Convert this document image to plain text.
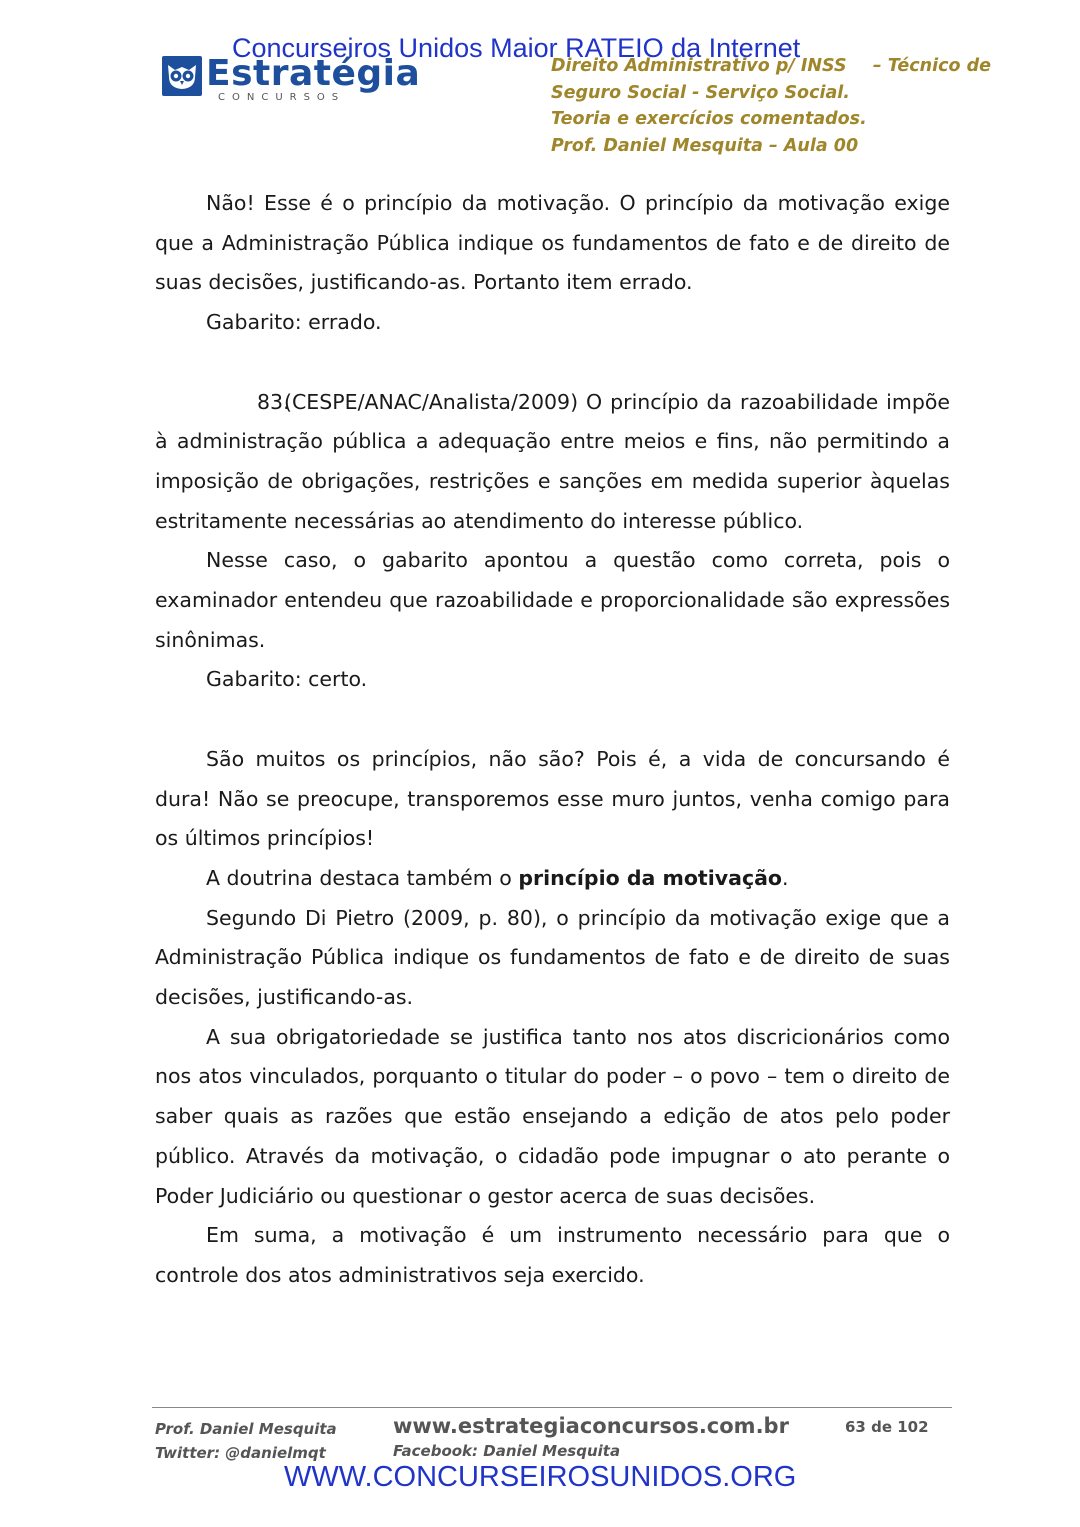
Estratégia
CONCURSOS
Direito Administrativo p/ INSS – Técnico de
Seguro Social - Serviço Social.
Teoria e exercícios comentados.
Prof. Daniel Mesquita – Aula 00
Concurseiros Unidos Maior RATEIO da Internet

Não! Esse é o princípio da motivação. O princípio da motivação exige que a Administração Pública indique os fundamentos de fato e de direito de suas decisões, justificando-as. Portanto item errado.

Gabarito: errado.

83.(CESPE/ANAC/Analista/2009) O princípio da razoabilidade impõe à administração pública a adequação entre meios e fins, não permitindo a imposição de obrigações, restrições e sanções em medida superior àquelas estritamente necessárias ao atendimento do interesse público.

Nesse caso, o gabarito apontou a questão como correta, pois o examinador entendeu que razoabilidade e proporcionalidade são expressões sinônimas.

Gabarito: certo.

São muitos os princípios, não são? Pois é, a vida de concursando é dura! Não se preocupe, transporemos esse muro juntos, venha comigo para os últimos princípios!

A doutrina destaca também o princípio da motivação.

Segundo Di Pietro (2009, p. 80), o princípio da motivação exige que a Administração Pública indique os fundamentos de fato e de direito de suas decisões, justificando-as.

A sua obrigatoriedade se justifica tanto nos atos discricionários como nos atos vinculados, porquanto o titular do poder – o povo – tem o direito de saber quais as razões que estão ensejando a edição de atos pelo poder público. Através da motivação, o cidadão pode impugnar o ato perante o Poder Judiciário ou questionar o gestor acerca de suas decisões.

Em suma, a motivação é um instrumento necessário para que o controle dos atos administrativos seja exercido.

Prof. Daniel Mesquita
Twitter: @danielmqt
www.estrategiaconcursos.com.br
Facebook: Daniel Mesquita
63 de 102
WWW.CONCURSEIROSUNIDOS.ORG
